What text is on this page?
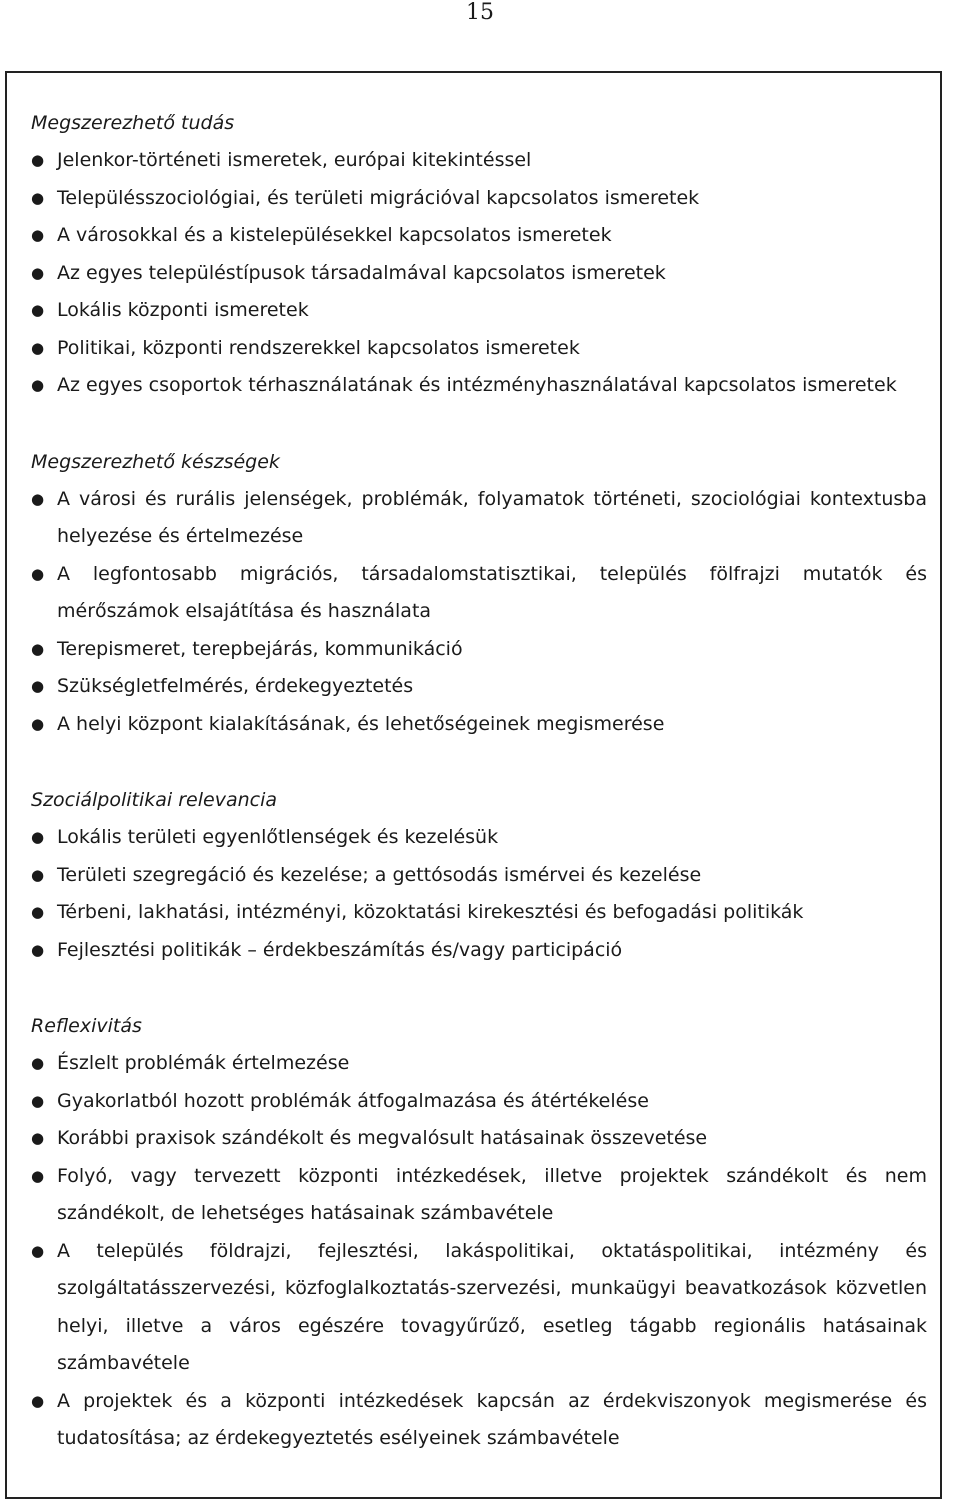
15

Megszerezhető tudás

● Jelenkor-történeti ismeretek, európai kitekintéssel
● Településszociológiai, és területi migrációval kapcsolatos ismeretek
● A városokkal és a kistelepülésekkel kapcsolatos ismeretek
● Az egyes településtípusok társadalmával kapcsolatos ismeretek
● Lokális központi ismeretek
● Politikai, központi rendszerekkel kapcsolatos ismeretek
● Az egyes csoportok térhasználatának és intézményhasználatával kapcsolatos ismeretek

Megszerezhető készségek

● A városi és rurális jelenségek, problémák, folyamatok történeti, szociológiai kontextusba helyezése és értelmezése
● A legfontosabb migrációs, társadalomstatisztikai, település fölfrajzi mutatók és mérőszámok elsajátítása és használata
● Terepismeret, terepbejárás, kommunikáció
● Szükségletfelmérés, érdekegyeztetés
● A helyi központ kialakításának, és lehetőségeinek megismerése

Szociálpolitikai relevancia

● Lokális területi egyenlőtlenségek és kezelésük
● Területi szegregáció és kezelése; a gettósodás ismérvei és kezelése
● Térbeni, lakhatási, intézményi, közoktatási kirekesztési és befogadási politikák
● Fejlesztési politikák – érdekbeszámítás és/vagy participáció

Reflexivitás

● Észlelt problémák értelmezése
● Gyakorlatból hozott problémák átfogalmazása és átértékelése
● Korábbi praxisok szándékolt és megvalósult hatásainak összevetése
● Folyó, vagy tervezett központi intézkedések, illetve projektek szándékolt és nem szándékolt, de lehetséges hatásainak számbavétele
● A település földrajzi, fejlesztési, lakáspolitikai, oktatáspolitikai, intézmény és szolgáltatásszervezési, közfoglalkoztatás-szervezési, munkaügyi beavatkozások közvetlen helyi, illetve a város egészére tovagyűrűző, esetleg tágabb regionális hatásainak számbavétele
● A projektek és a központi intézkedések kapcsán az érdekviszonyok megismerése és tudatosítása; az érdekegyeztetés esélyeinek számbavétele
